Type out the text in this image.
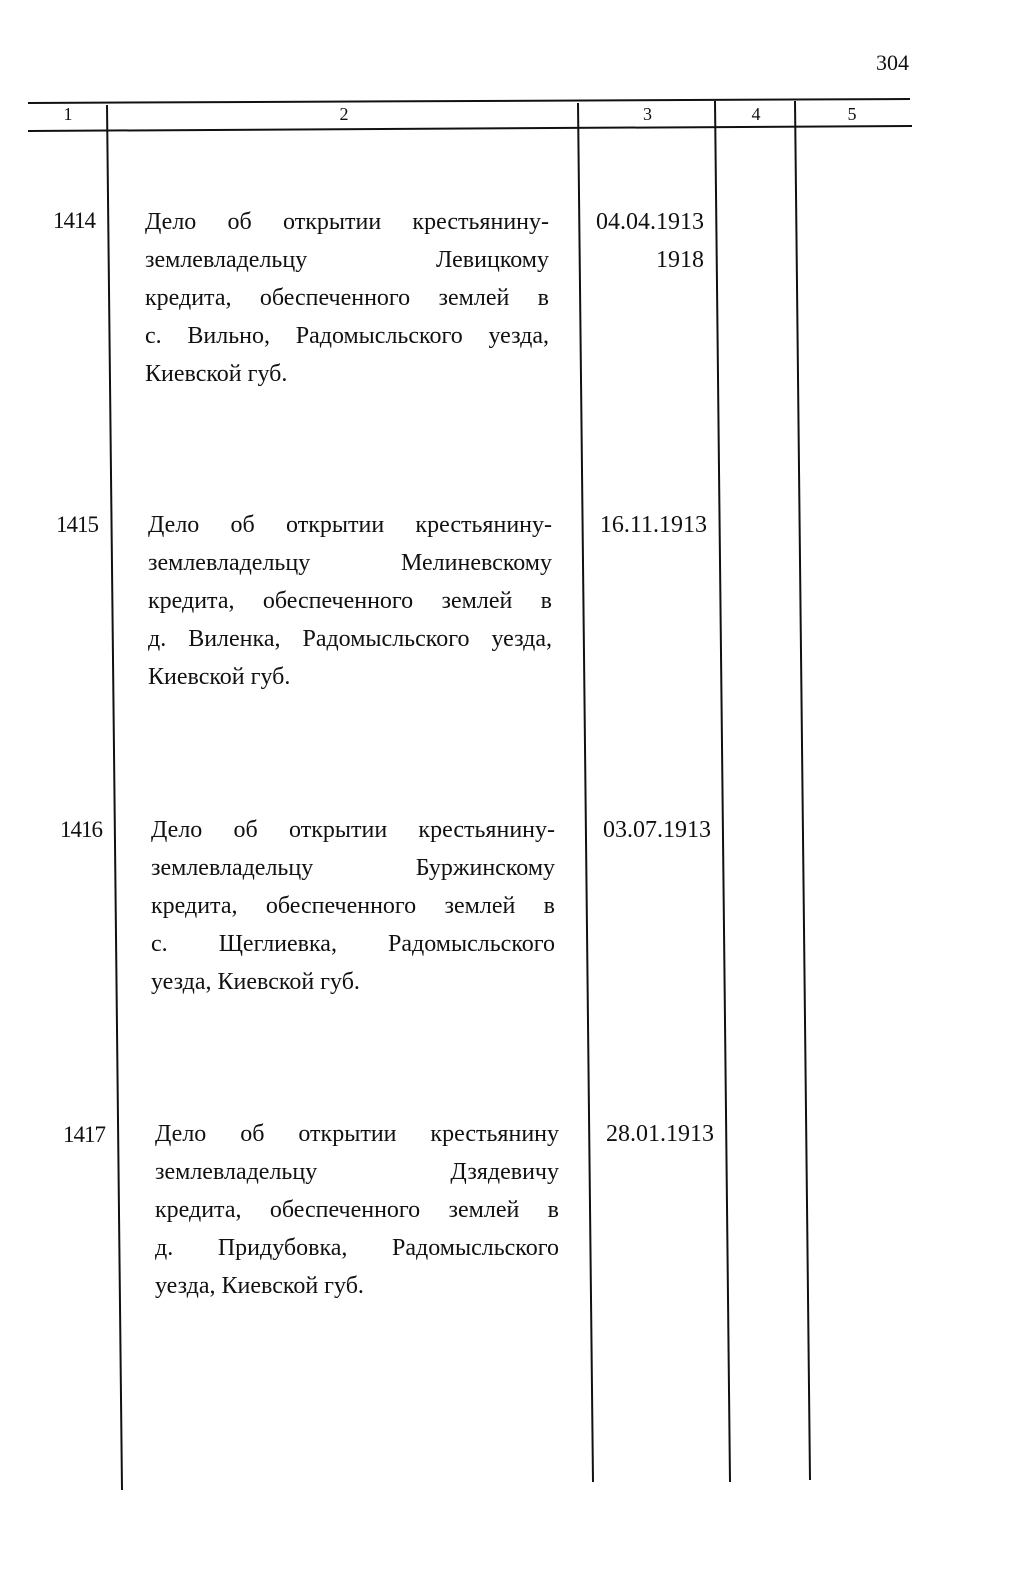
304
1	2	3	4	5
1414 Дело об открытии крестьянину-
землевладельцу Левицкому
кредита, обеспеченного землей в
с. Вильно, Радомысльского уезда,
Киевской губ.
04.04.1913
1918
1415 Дело об открытии крестьянину-
землевладельцу Мелиневскому
кредита, обеспеченного землей в
д. Виленка, Радомысльского уезда,
Киевской губ.
16.11.1913
1416 Дело об открытии крестьянину-
землевладельцу Буржинскому
кредита, обеспеченного землей в
с. Щеглиевка, Радомысльского
уезда, Киевской губ.
03.07.1913
1417 Дело об открытии крестьянину
землевладельцу Дзядевичу
кредита, обеспеченного землей в
д. Придубовка, Радомысльского
уезда, Киевской губ.
28.01.1913
